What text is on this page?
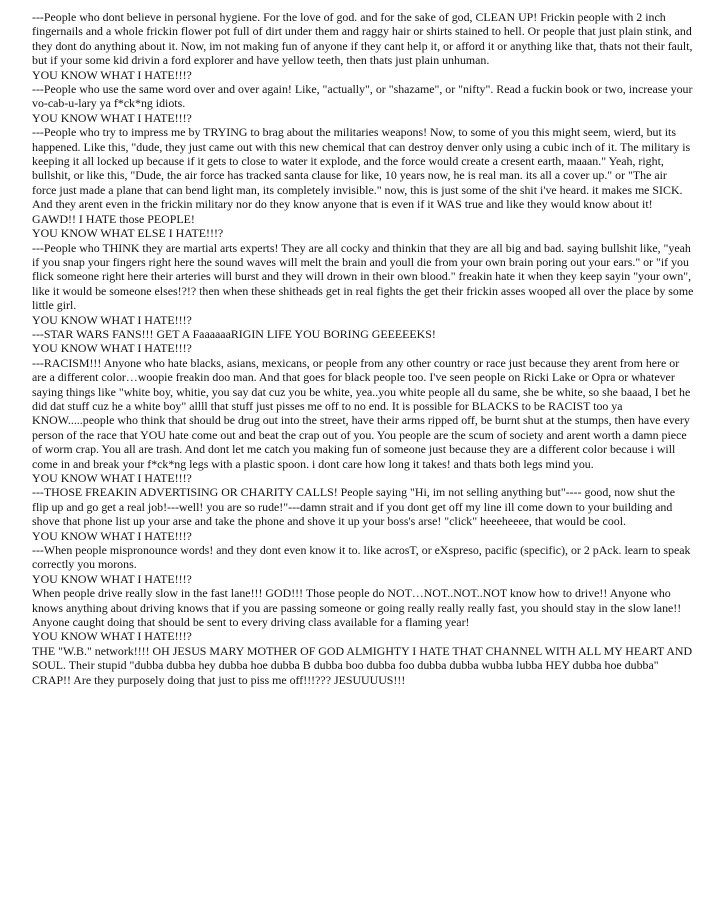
---People who dont believe in personal hygiene. For the love of god. and for the sake of god, CLEAN UP! Frickin people with 2 inch fingernails and a whole frickin flower pot full of dirt under them and raggy hair or shirts stained to hell. Or people that just plain stink, and they dont do anything about it. Now, im not making fun of anyone if they cant help it, or afford it or anything like that, thats not their fault, but if your some kid drivin a ford explorer and have yellow teeth, then thats just plain unhuman.

YOU KNOW WHAT I HATE!!!?

---People who use the same word over and over again! Like, "actually", or "shazame", or "nifty". Read a fuckin book or two, increase your vo-cab-u-lary ya f*ck*ng idiots.

YOU KNOW WHAT I HATE!!!?

---People who try to impress me by TRYING to brag about the militaries weapons! Now, to some of you this might seem, wierd, but its happened. Like this, "dude, they just came out with this new chemical that can destroy denver only using a cubic inch of it. The military is keeping it all locked up because if it gets to close to water it explode, and the force would create a cresent earth, maaan." Yeah, right, bullshit, or like this, "Dude, the air force has tracked santa clause for like, 10 years now, he is real man. its all a cover up." or "The air force just made a plane that can bend light man, its completely invisible." now, this is just some of the shit i've heard. it makes me SICK. And they arent even in the frickin military nor do they know anyone that is even if it WAS true and like they would know about it! GAWD!! I HATE those PEOPLE!

YOU KNOW WHAT ELSE I HATE!!!?

---People who THINK they are martial arts experts! They are all cocky and thinkin that they are all big and bad. saying bullshit like, "yeah if you snap your fingers right here the sound waves will melt the brain and youll die from your own brain poring out your ears." or "if you flick someone right here their arteries will burst and they will drown in their own blood." freakin hate it when they keep sayin "your own", like it would be someone elses!?!? then when these shitheads get in real fights the get their frickin asses wooped all over the place by some little girl.

YOU KNOW WHAT I HATE!!!?

---STAR WARS FANS!!! GET A FaaaaaaRIGIN LIFE YOU BORING GEEEEEKS!

YOU KNOW WHAT I HATE!!!?

---RACISM!!! Anyone who hate blacks, asians, mexicans, or people from any other country or race just because they arent from here or are a different color…woopie freakin doo man. And that goes for black people too. I've seen people on Ricki Lake or Opra or whatever saying things like "white boy, whitie, you say dat cuz you be white, yea..you white people all du same, she be white, so she baaad, I bet he did dat stuff cuz he a white boy" allll that stuff just pisses me off to no end. It is possible for BLACKS to be RACIST too ya KNOW.....people who think that should be drug out into the street, have their arms ripped off, be burnt shut at the stumps, then have every person of the race that YOU hate come out and beat the crap out of you. You people are the scum of society and arent worth a damn piece of worm crap. You all are trash. And dont let me catch you making fun of someone just because they are a different color because i will come in and break your f*ck*ng legs with a plastic spoon. i dont care how long it takes! and thats both legs mind you.

YOU KNOW WHAT I HATE!!!?

---THOSE FREAKIN ADVERTISING OR CHARITY CALLS! People saying "Hi, im not selling anything but"---- good, now shut the flip up and go get a real job!---well! you are so rude!"---damn strait and if you dont get off my line ill come down to your building and shove that phone list up your arse and take the phone and shove it up your boss's arse! "click" heeeheeee, that would be cool.

YOU KNOW WHAT I HATE!!!?

---When people mispronounce words! and they dont even know it to. like acrosT, or eXspreso, pacific (specific), or 2 pAck. learn to speak correctly you morons.

YOU KNOW WHAT I HATE!!!?

When people drive really slow in the fast lane!!! GOD!!! Those people do NOT…NOT..NOT..NOT know how to drive!! Anyone who knows anything about driving knows that if you are passing someone or going really really really fast, you should stay in the slow lane!! Anyone caught doing that should be sent to every driving class available for a flaming year!

YOU KNOW WHAT I HATE!!!?

THE "W.B." network!!!! OH JESUS MARY MOTHER OF GOD ALMIGHTY I HATE THAT CHANNEL WITH ALL MY HEART AND SOUL. Their stupid "dubba dubba hey dubba hoe dubba B dubba boo dubba foo dubba dubba wubba lubba HEY dubba hoe dubba" CRAP!! Are they purposely doing that just to piss me off!!!??? JESUUUUS!!!
